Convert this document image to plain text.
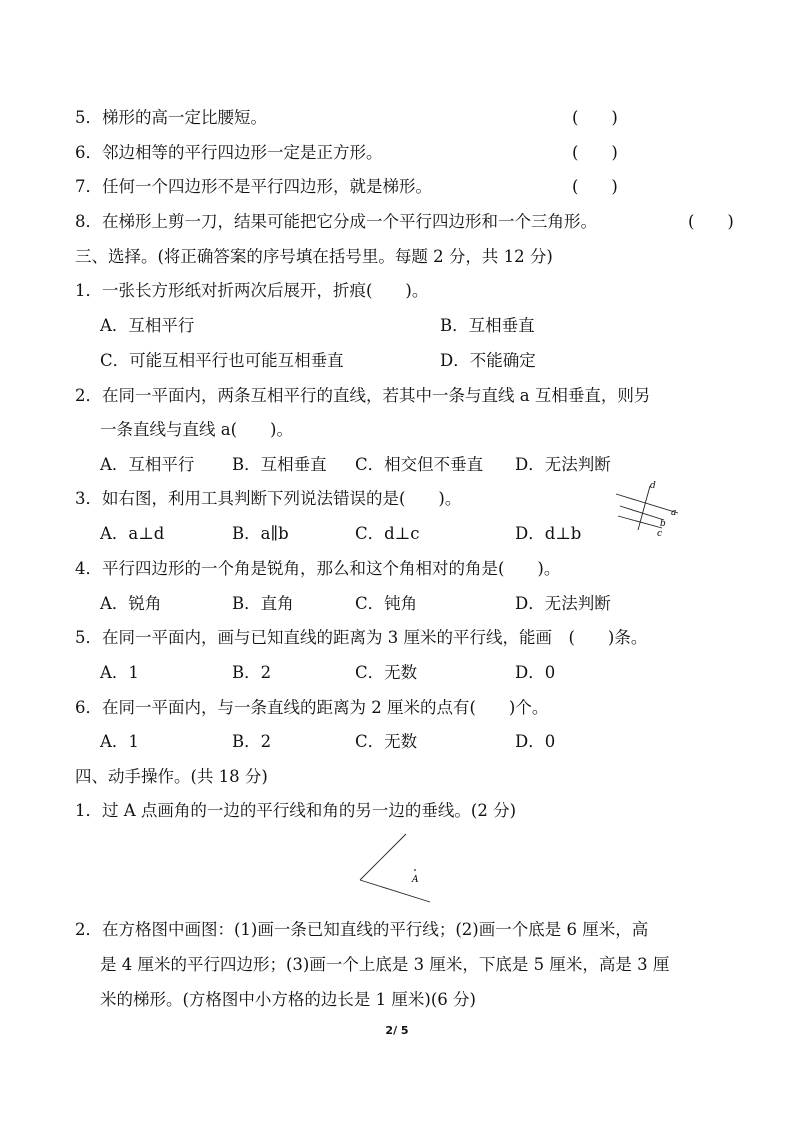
5．梯形的高一定比腰短。	(　　)
6．邻边相等的平行四边形一定是正方形。	(　　)
7．任何一个四边形不是平行四边形，就是梯形。	(　　)
8．在梯形上剪一刀，结果可能把它分成一个平行四边形和一个三角形。	(　　)
三、选择。(将正确答案的序号填在括号里。每题 2 分，共 12 分)
1．一张长方形纸对折两次后展开，折痕(　　)。
A．互相平行	B．互相垂直
C．可能互相平行也可能互相垂直	D．不能确定
2．在同一平面内，两条互相平行的直线，若其中一条与直线 a 互相垂直，则另
一条直线与直线 a(　　)。
A．互相平行 B．互相垂直 C．相交但不垂直 D．无法判断
3．如右图，利用工具判断下列说法错误的是(　　)。
A．a⊥d	B．a∥b	C．d⊥c	D．d⊥b
d
a
b
c
4．平行四边形的一个角是锐角，那么和这个角相对的角是(　　)。
A．锐角	B．直角	C．钝角	D．无法判断
5．在同一平面内，画与已知直线的距离为 3 厘米的平行线，能画　(　　)条。
A．1	B．2	C．无数	D．0
6．在同一平面内，与一条直线的距离为 2 厘米的点有(　　)个。
A．1	B．2	C．无数	D．0
四、动手操作。(共 18 分)
1．过 A 点画角的一边的平行线和角的另一边的垂线。(2 分)
A
2．在方格图中画图：(1)画一条已知直线的平行线；(2)画一个底是 6 厘米，高
是 4 厘米的平行四边形；(3)画一个上底是 3 厘米，下底是 5 厘米，高是 3 厘
米的梯形。(方格图中小方格的边长是 1 厘米)(6 分)
2/ 5
